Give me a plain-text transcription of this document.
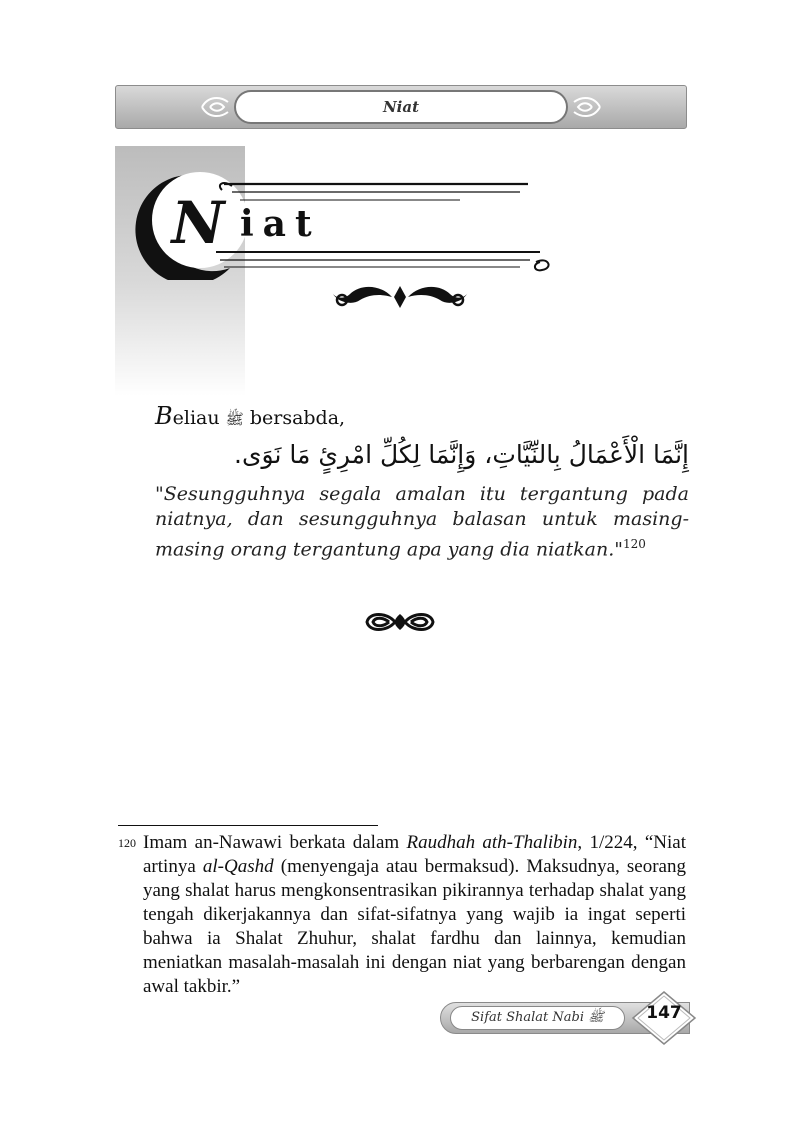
Niat
N iat
Beliau ﷺ bersabda,
إِنَّمَا الْأَعْمَالُ بِالنِّيَّاتِ، وَإِنَّمَا لِكُلِّ امْرِئٍ مَا نَوَى.
"Sesungguhnya segala amalan itu tergantung pada niatnya, dan sesungguhnya balasan untuk masing-masing orang tergantung apa yang dia niatkan."$^{120}$
120 Imam an-Nawawi berkata dalam Raudhah ath-Thalibin, 1/224, “Niat artinya al-Qashd (menyengaja atau bermaksud). Maksudnya, seorang yang shalat harus mengkonsentrasikan pikirannya terhadap shalat yang tengah dikerjakannya dan sifat-sifatnya yang wajib ia ingat seperti bahwa ia Shalat Zhuhur, shalat fardhu dan lainnya, kemudian meniatkan masalah-masalah ini dengan niat yang berbarengan dengan awal takbir.”
Sifat Shalat Nabi ﷺ	147
